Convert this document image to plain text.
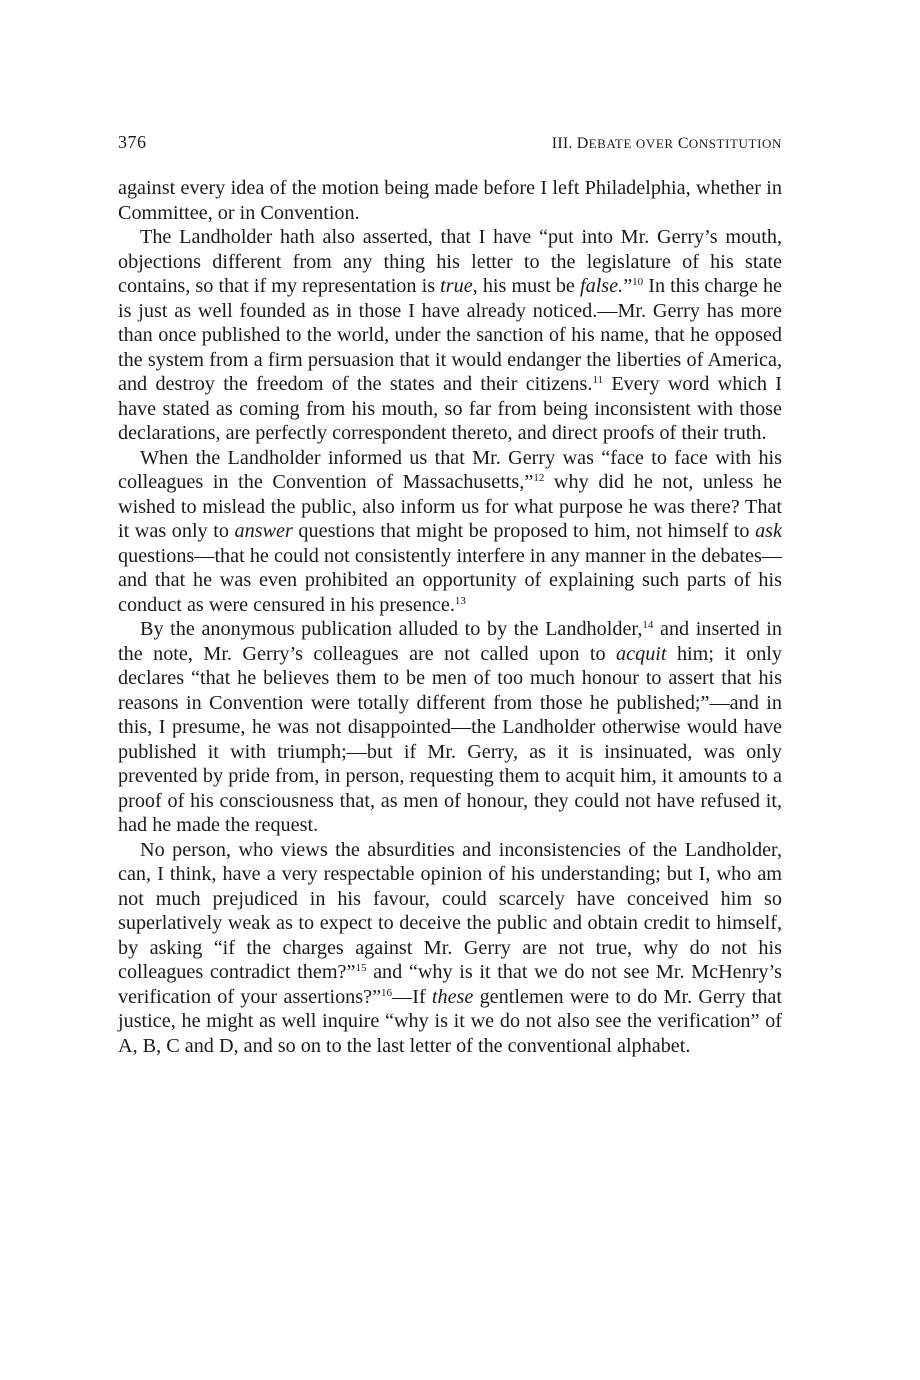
376	III. DEBATE OVER CONSTITUTION

against every idea of the motion being made before I left Philadelphia, whether in Committee, or in Convention.

The Landholder hath also asserted, that I have “put into Mr. Gerry’s mouth, objections different from any thing his letter to the legislature of his state contains, so that if my representation is true, his must be false.”$^{10}$ In this charge he is just as well founded as in those I have already noticed.—Mr. Gerry has more than once published to the world, under the sanction of his name, that he opposed the system from a firm persuasion that it would endanger the liberties of America, and destroy the freedom of the states and their citizens.$^{11}$ Every word which I have stated as coming from his mouth, so far from being inconsistent with those declarations, are perfectly correspondent thereto, and direct proofs of their truth.

When the Landholder informed us that Mr. Gerry was “face to face with his colleagues in the Convention of Massachusetts,”$^{12}$ why did he not, unless he wished to mislead the public, also inform us for what purpose he was there? That it was only to answer questions that might be proposed to him, not himself to ask questions—that he could not consistently interfere in any manner in the debates—and that he was even prohibited an opportunity of explaining such parts of his conduct as were censured in his presence.$^{13}$

By the anonymous publication alluded to by the Landholder,$^{14}$ and inserted in the note, Mr. Gerry’s colleagues are not called upon to acquit him; it only declares “that he believes them to be men of too much honour to assert that his reasons in Convention were totally different from those he published;”—and in this, I presume, he was not disappointed—the Landholder otherwise would have published it with triumph;—but if Mr. Gerry, as it is insinuated, was only prevented by pride from, in person, requesting them to acquit him, it amounts to a proof of his consciousness that, as men of honour, they could not have refused it, had he made the request.

No person, who views the absurdities and inconsistencies of the Landholder, can, I think, have a very respectable opinion of his understanding; but I, who am not much prejudiced in his favour, could scarcely have conceived him so superlatively weak as to expect to deceive the public and obtain credit to himself, by asking “if the charges against Mr. Gerry are not true, why do not his colleagues contradict them?”$^{15}$ and “why is it that we do not see Mr. McHenry’s verification of your assertions?”$^{16}$—If these gentlemen were to do Mr. Gerry that justice, he might as well inquire “why is it we do not also see the verification” of A, B, C and D, and so on to the last letter of the conventional alphabet.
